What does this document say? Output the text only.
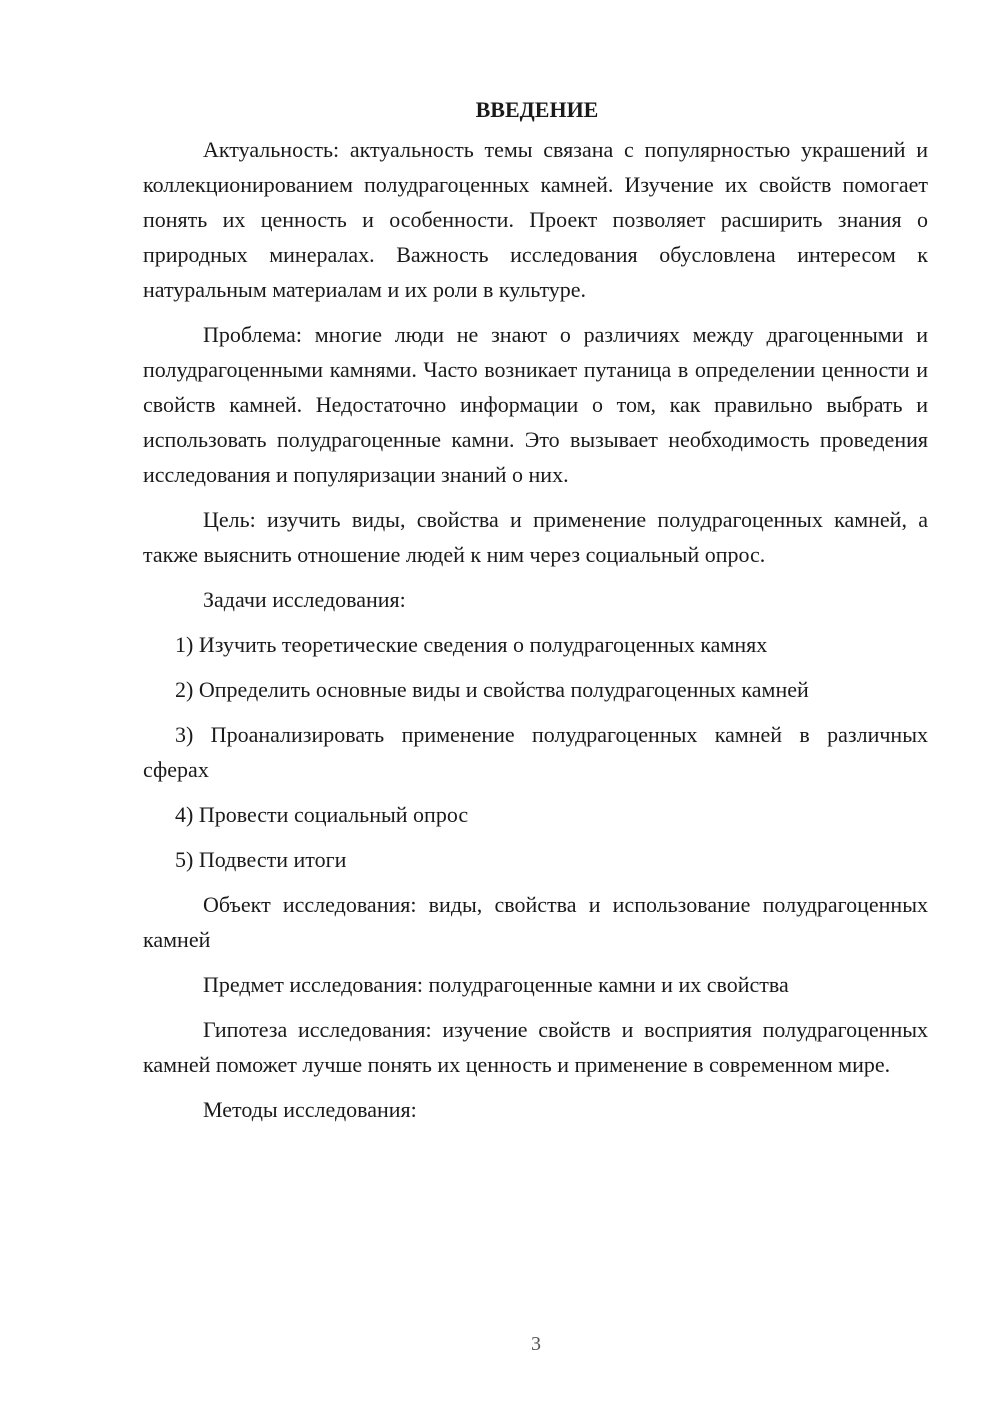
ВВЕДЕНИЕ

Актуальность: актуальность темы связана с популярностью украшений и коллекционированием полудрагоценных камней. Изучение их свойств помогает понять их ценность и особенности. Проект позволяет расширить знания о природных минералах. Важность исследования обусловлена интересом к натуральным материалам и их роли в культуре.

Проблема: многие люди не знают о различиях между драгоценными и полудрагоценными камнями. Часто возникает путаница в определении ценности и свойств камней. Недостаточно информации о том, как правильно выбрать и использовать полудрагоценные камни. Это вызывает необходимость проведения исследования и популяризации знаний о них.

Цель: изучить виды, свойства и применение полудрагоценных камней, а также выяснить отношение людей к ним через социальный опрос.

Задачи исследования:

1) Изучить теоретические сведения о полудрагоценных камнях

2) Определить основные виды и свойства полудрагоценных камней

3) Проанализировать применение полудрагоценных камней в различных сферах

4) Провести социальный опрос

5) Подвести итоги

Объект исследования: виды, свойства и использование полудрагоценных камней

Предмет исследования: полудрагоценные камни и их свойства

Гипотеза исследования: изучение свойств и восприятия полудрагоценных камней поможет лучше понять их ценность и применение в современном мире.

Методы исследования:

3
